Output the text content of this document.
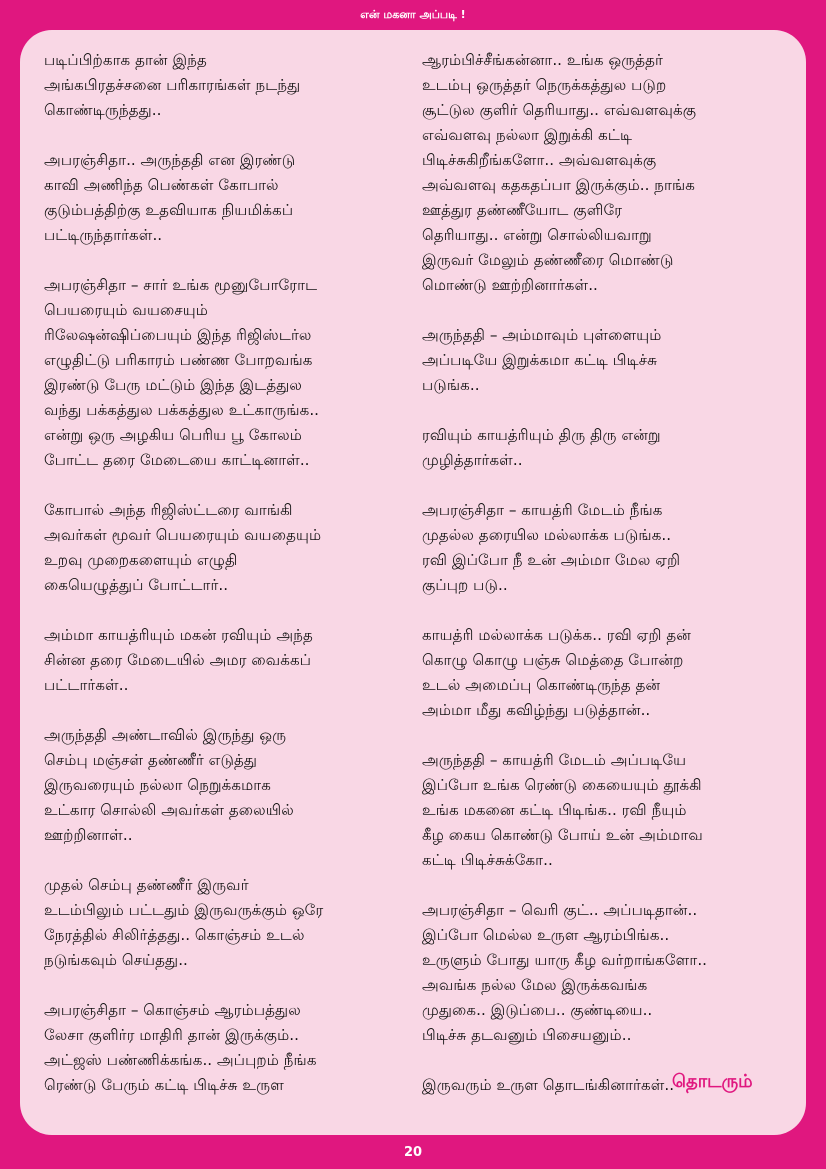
என் மகனா அப்படி !

படிப்பிற்காக தான் இந்த
அங்கபிரதச்சனை பரிகாரங்கள் நடந்து
கொண்டிருந்தது..

அபரஞ்சிதா.. அருந்ததி என இரண்டு
காவி அணிந்த பெண்கள் கோபால்
குடும்பத்திற்கு உதவியாக நியமிக்கப்
பட்டிருந்தார்கள்..

அபரஞ்சிதா – சார் உங்க மூனுபோரோட
பெயரையும் வயசையும்
ரிலேஷன்ஷிப்பையும் இந்த ரிஜிஸ்டர்ல
எழுதிட்டு பரிகாரம் பண்ண போறவங்க
இரண்டு பேரு மட்டும் இந்த இடத்துல
வந்து பக்கத்துல பக்கத்துல உட்காருங்க..
என்று ஒரு அழகிய பெரிய பூ கோலம்
போட்ட தரை மேடையை காட்டினாள்..

கோபால் அந்த ரிஜிஸ்ட்டரை வாங்கி
அவர்கள் மூவர் பெயரையும் வயதையும்
உறவு முறைகளையும் எழுதி
கையெழுத்துப் போட்டார்..

அம்மா காயத்ரியும் மகன் ரவியும் அந்த
சின்ன தரை மேடையில் அமர வைக்கப்
பட்டார்கள்..

அருந்ததி அண்டாவில் இருந்து ஒரு
செம்பு மஞ்சள் தண்ணீர் எடுத்து
இருவரையும் நல்லா நெறுக்கமாக
உட்கார சொல்லி அவர்கள் தலையில்
ஊற்றினாள்..

முதல் செம்பு தண்ணீர் இருவர்
உடம்பிலும் பட்டதும் இருவருக்கும் ஒரே
நேரத்தில் சிலிர்த்தது.. கொஞ்சம் உடல்
நடுங்கவும் செய்தது..

அபரஞ்சிதா – கொஞ்சம் ஆரம்பத்துல
லேசா குளிர்ர மாதிரி தான் இருக்கும்..
அட்ஜஸ் பண்ணிக்கங்க.. அப்புறம் நீங்க
ரெண்டு பேரும் கட்டி பிடிச்சு உருள

ஆரம்பிச்சீங்கன்னா.. உங்க ஒருத்தர்
உடம்பு ஒருத்தர் நெருக்கத்துல படுற
சூட்டுல குளிர் தெரியாது.. எவ்வளவுக்கு
எவ்வளவு நல்லா இறுக்கி கட்டி
பிடிச்சுகிறீங்களோ.. அவ்வளவுக்கு
அவ்வளவு கதகதப்பா இருக்கும்.. நாங்க
ஊத்துர தண்ணீயோட குளிரே
தெரியாது.. என்று சொல்லியவாறு
இருவர் மேலும் தண்ணீரை மொண்டு
மொண்டு ஊற்றினார்கள்..

அருந்ததி – அம்மாவும் புள்ளையும்
அப்படியே இறுக்கமா கட்டி பிடிச்சு
படுங்க..

ரவியும் காயத்ரியும் திரு திரு என்று
முழித்தார்கள்..

அபரஞ்சிதா – காயத்ரி மேடம் நீங்க
முதல்ல தரையில மல்லாக்க படுங்க..
ரவி இப்போ நீ உன் அம்மா மேல ஏறி
குப்புற படு..

காயத்ரி மல்லாக்க படுக்க.. ரவி ஏறி தன்
கொழு கொழு பஞ்சு மெத்தை போன்ற
உடல் அமைப்பு கொண்டிருந்த தன்
அம்மா மீது கவிழ்ந்து படுத்தான்..

அருந்ததி – காயத்ரி மேடம் அப்படியே
இப்போ உங்க ரெண்டு கையையும் தூக்கி
உங்க மகனை கட்டி பிடிங்க.. ரவி நீயும்
கீழ கைய கொண்டு போய் உன் அம்மாவ
கட்டி பிடிச்சுக்கோ..

அபரஞ்சிதா – வெரி குட்.. அப்படிதான்..
இப்போ மெல்ல உருள ஆரம்பிங்க..
உருளும் போது யாரு கீழ வர்றாங்களோ..
அவங்க நல்ல மேல இருக்கவங்க
முதுகை.. இடுப்பை.. குண்டியை..
பிடிச்சு தடவனும் பிசையனும்..

இருவரும் உருள தொடங்கினார்கள்..

தொடரும்
20
